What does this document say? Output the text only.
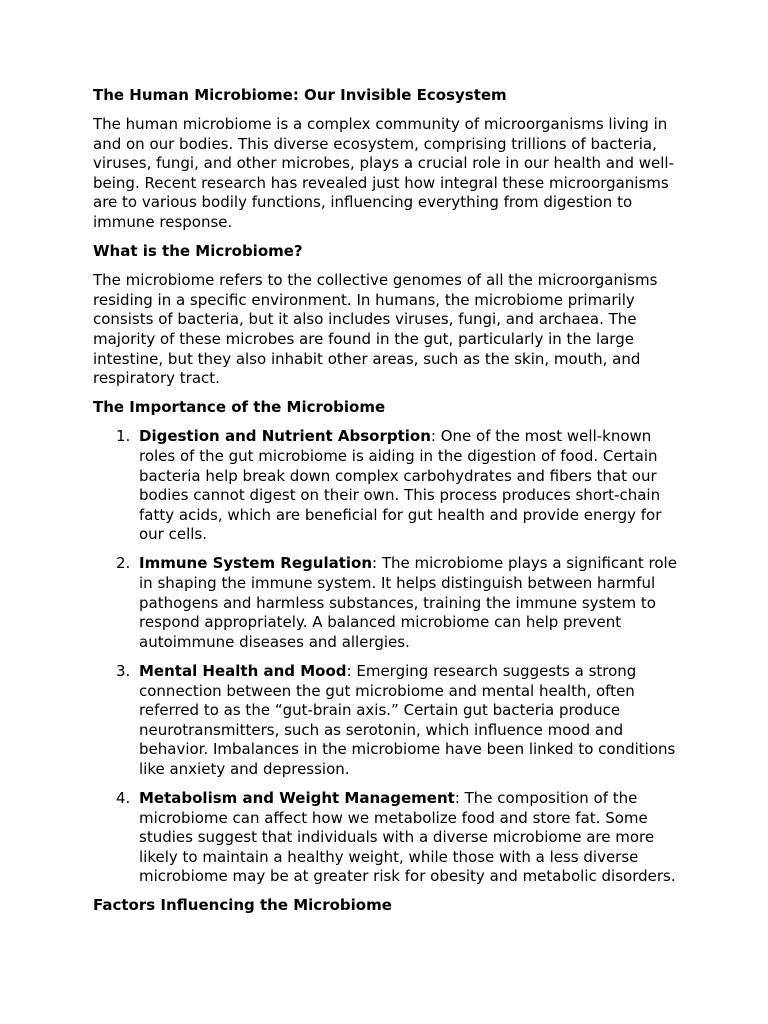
The Human Microbiome: Our Invisible Ecosystem

The human microbiome is a complex community of microorganisms living in and on our bodies. This diverse ecosystem, comprising trillions of bacteria, viruses, fungi, and other microbes, plays a crucial role in our health and well-being. Recent research has revealed just how integral these microorganisms are to various bodily functions, influencing everything from digestion to immune response.

What is the Microbiome?

The microbiome refers to the collective genomes of all the microorganisms residing in a specific environment. In humans, the microbiome primarily consists of bacteria, but it also includes viruses, fungi, and archaea. The majority of these microbes are found in the gut, particularly in the large intestine, but they also inhabit other areas, such as the skin, mouth, and respiratory tract.

The Importance of the Microbiome
1. Digestion and Nutrient Absorption: One of the most well-known roles of the gut microbiome is aiding in the digestion of food. Certain bacteria help break down complex carbohydrates and fibers that our bodies cannot digest on their own. This process produces short-chain fatty acids, which are beneficial for gut health and provide energy for our cells.
2. Immune System Regulation: The microbiome plays a significant role in shaping the immune system. It helps distinguish between harmful pathogens and harmless substances, training the immune system to respond appropriately. A balanced microbiome can help prevent autoimmune diseases and allergies.
3. Mental Health and Mood: Emerging research suggests a strong connection between the gut microbiome and mental health, often referred to as the “gut-brain axis.” Certain gut bacteria produce neurotransmitters, such as serotonin, which influence mood and behavior. Imbalances in the microbiome have been linked to conditions like anxiety and depression.
4. Metabolism and Weight Management: The composition of the microbiome can affect how we metabolize food and store fat. Some studies suggest that individuals with a diverse microbiome are more likely to maintain a healthy weight, while those with a less diverse microbiome may be at greater risk for obesity and metabolic disorders.
Factors Influencing the Microbiome
